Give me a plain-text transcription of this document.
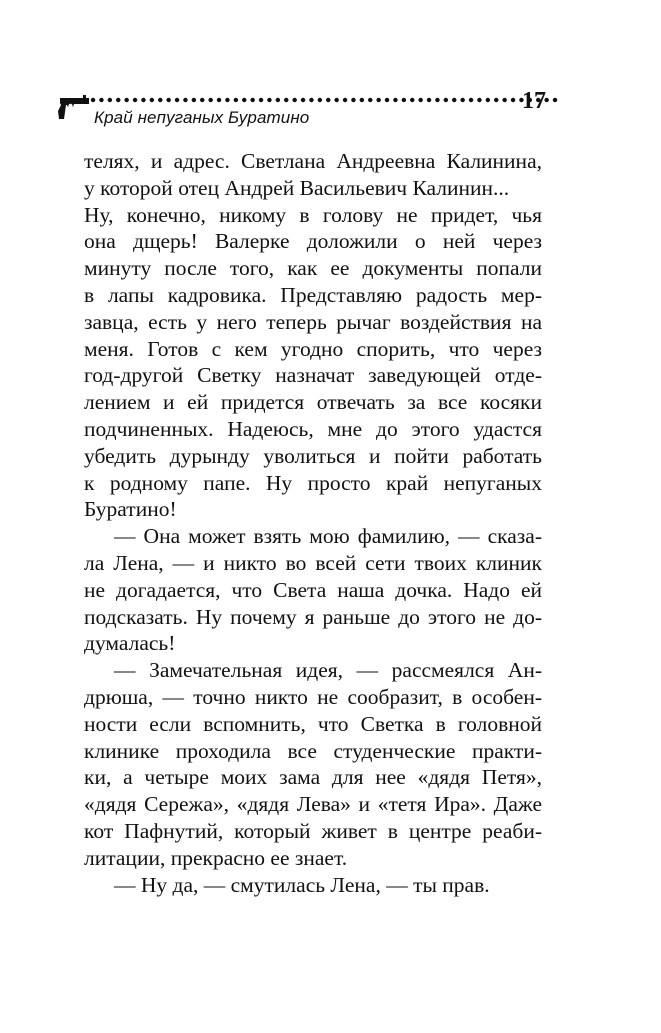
17
Край непуганых Буратино
телях, и адрес. Светлана Андреевна Калинина,
у которой отец Андрей Васильевич Калинин...
Ну, конечно, никому в голову не придет, чья
она дщерь! Валерке доложили о ней через
минуту после того, как ее документы попали
в лапы кадровика. Представляю радость мер-
завца, есть у него теперь рычаг воздействия на
меня. Готов с кем угодно спорить, что через
год-другой Светку назначат заведующей отде-
лением и ей придется отвечать за все косяки
подчиненных. Надеюсь, мне до этого удастся
убедить дурынду уволиться и пойти работать
к родному папе. Ну просто край непуганых
Буратино!
— Она может взять мою фамилию, — сказа-
ла Лена, — и никто во всей сети твоих клиник
не догадается, что Света наша дочка. Надо ей
подсказать. Ну почему я раньше до этого не до-
думалась!
— Замечательная идея, — рассмеялся Ан-
дрюша, — точно никто не сообразит, в особен-
ности если вспомнить, что Светка в головной
клинике проходила все студенческие практи-
ки, а четыре моих зама для нее «дядя Петя»,
«дядя Сережа», «дядя Лева» и «тетя Ира». Даже
кот Пафнутий, который живет в центре реаби-
литации, прекрасно ее знает.
— Ну да, — смутилась Лена, — ты прав.
